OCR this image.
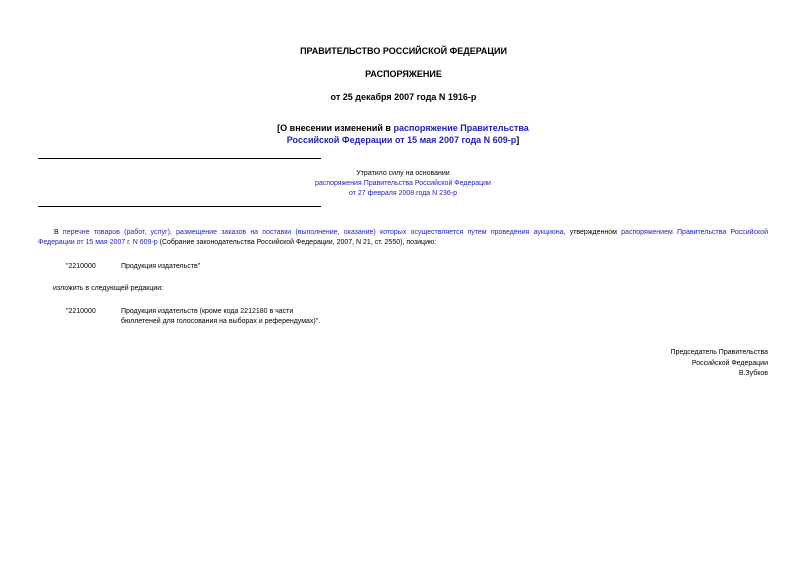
ПРАВИТЕЛЬСТВО РОССИЙСКОЙ ФЕДЕРАЦИИ
РАСПОРЯЖЕНИЕ
от 25 декабря 2007 года N 1916-р
[О внесении изменений в распоряжение Правительства
Российской Федерации от 15 мая 2007 года N 609-р]
Утратило силу на основании
распоряжения Правительства Российской Федерации
от 27 февраля 2008 года N 236-р
В перечне товаров (работ, услуг), размещение заказов на поставки (выполнение, оказание) которых осуществляется путем проведения аукциона, утвержденном распоряжением Правительства Российской
Федерации от 15 мая 2007 г. N 609-р (Собрание законодательства Российской Федерации, 2007, N 21, ст. 2550), позицию:
"2210000	Продукция издательств"
изложить в следующей редакции:
"2210000	Продукция издательств (кроме кода 2212180 в части
бюллетеней для голосования на выборах и референдумах)".
Председатель Правительства
Российской Федерации
В.Зубков
